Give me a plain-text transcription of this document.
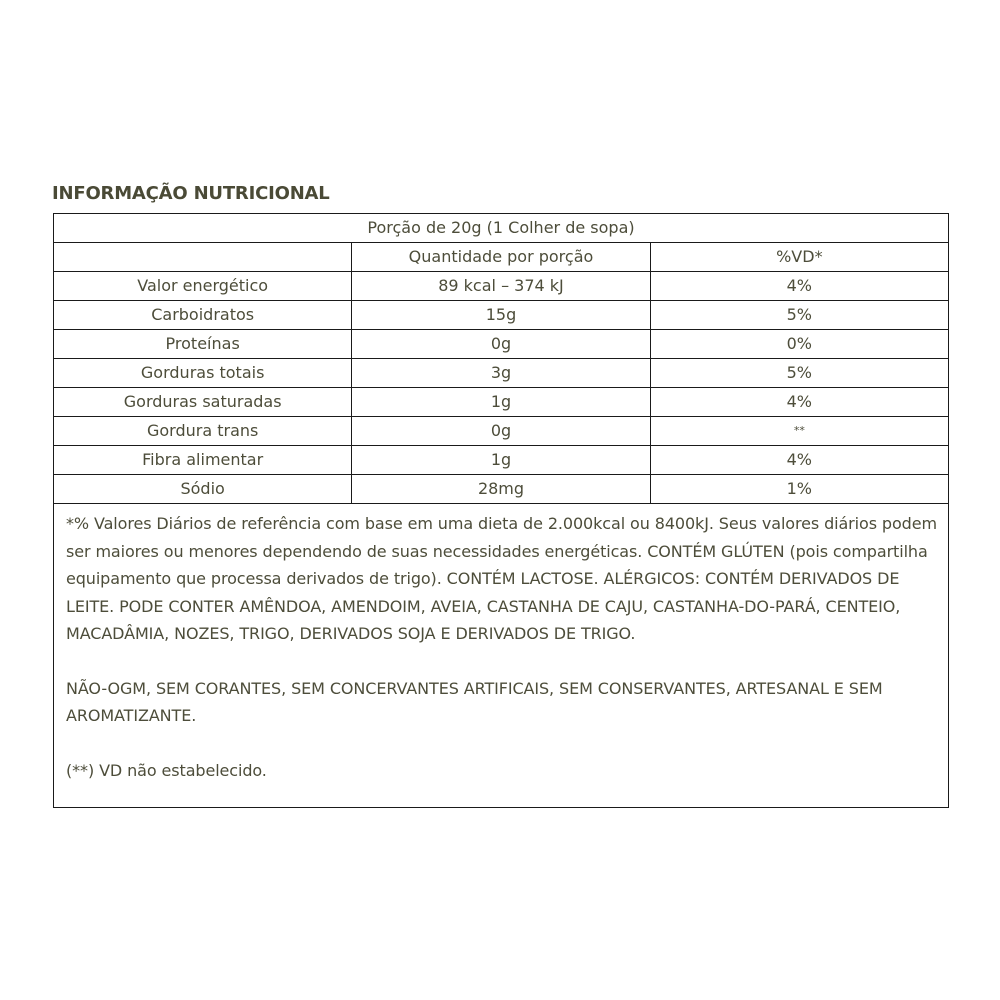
INFORMAÇÃO NUTRICIONAL
Porção de 20g (1 Colher de sopa)		
	Quantidade por porção	%VD*
Valor energético	89 kcal – 374 kJ	4%
Carboidratos	15g	5%
Proteínas	0g	0%
Gorduras totais	3g	5%
Gorduras saturadas	1g	4%
Gordura trans	0g	**
Fibra alimentar	1g	4%
Sódio	28mg	1%

*% Valores Diários de referência com base em uma dieta de 2.000kcal ou 8400kJ. Seus valores diários podem ser maiores ou menores dependendo de suas necessidades energéticas. CONTÉM GLÚTEN (pois compartilha equipamento que processa derivados de trigo). CONTÉM LACTOSE. ALÉRGICOS: CONTÉM DERIVADOS DE LEITE. PODE CONTER AMÊNDOA, AMENDOIM, AVEIA, CASTANHA DE CAJU, CASTANHA-DO-PARÁ, CENTEIO, MACADÂMIA, NOZES, TRIGO, DERIVADOS SOJA E DERIVADOS DE TRIGO.

NÃO-OGM, SEM CORANTES, SEM CONCERVANTES ARTIFICAIS, SEM CONSERVANTES, ARTESANAL E SEM AROMATIZANTE.

(**) VD não estabelecido.		
